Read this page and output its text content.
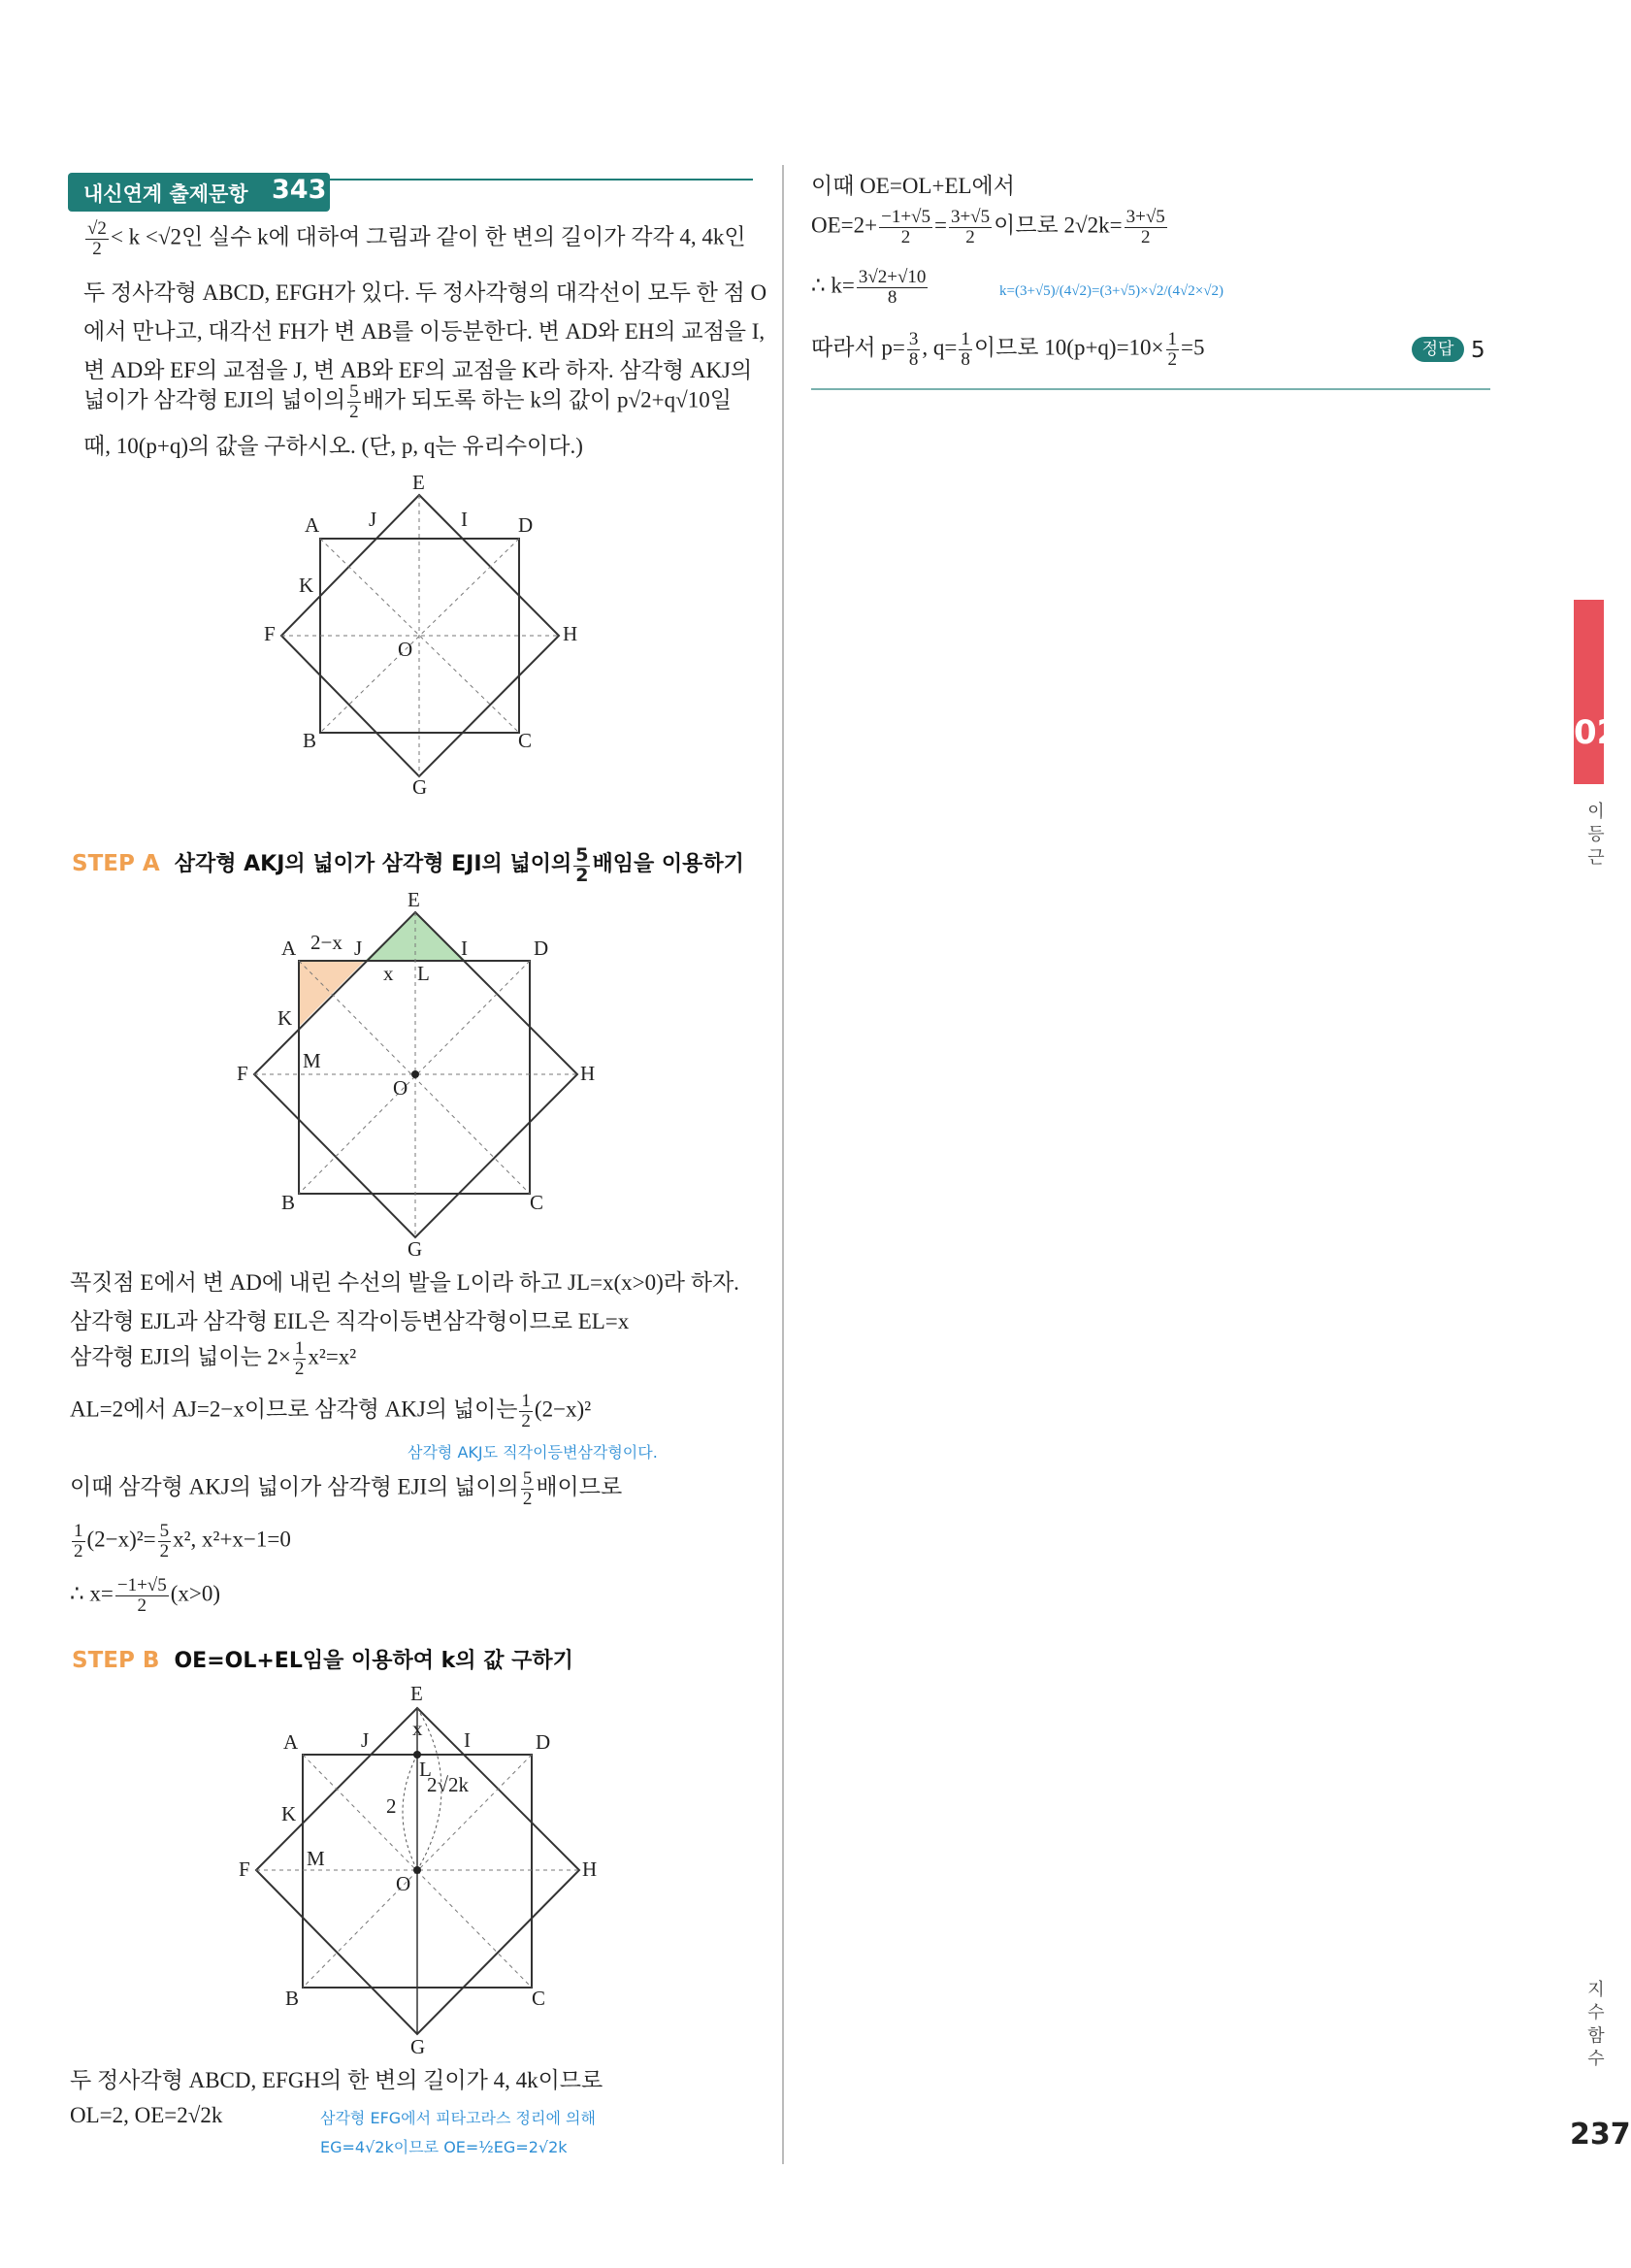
내신연계 출제문항 343
$\frac{√2}{2} < k <√2$인 실수 k에 대하여 그림과 같이 한 변의 길이가 각각 4, 4k인
두 정사각형 ABCD, EFGH가 있다. 두 정사각형의 대각선이 모두 한 점 O
에서 만나고, 대각선 FH가 변 AB를 이등분한다. 변 AD와 EH의 교점을 I,
변 AD와 EF의 교점을 J, 변 AB와 EF의 교점을 K라 하자. 삼각형 AKJ의
넓이가 삼각형 EJI의 넓이의 $\frac{5}{2}$ 배가 되도록 하는 k의 값이 p√2+q√10일
때, 10(p+q)의 값을 구하시오. (단, p, q는 유리수이다.)
A J
E
I D
K
F
O
H
B	C
G
STEP A 삼각형 AKJ의 넓이가 삼각형 EJI의 넓이의 $\frac{5}{2}$ 배임을 이용하기
A 2−x J
E
I	D
x L
K
M
F
O
H
B	C
G
꼭짓점 E에서 변 AD에 내린 수선의 발을 L이라 하고 JL=x(x>0)라 하자.
삼각형 EJL과 삼각형 EIL은 직각이등변삼각형이므로 EL=x
삼각형 EJI의 넓이는 $2\times \frac{1}{2} x^2=x^2$
AL=2에서 AJ=2−x이므로 삼각형 AKJ의 넓이는 $\frac{1}{2} (2-x)^2$
삼각형 AKJ도 직각이등변삼각형이다.
이때 삼각형 AKJ의 넓이가 삼각형 EJI의 넓이의 $\frac{5}{2}$ 배이므로
$\frac{1}{2} (2-x)^2= \frac{5}{2} x^2$, x²+x−1=0
∴ $x= \frac{-1+√5}{2} (x>0)$
STEP B OE=OL+EL임을 이용하여 k의 값 구하기
A	J
E
x I	D
L
2√2k
2
K
M
F
O
H
B	C
G
두 정사각형 ABCD, EFGH의 한 변의 길이가 4, 4k이므로
OL=2, OE=2√2k	삼각형 EFG에서 피타고라스 정리에 의해
EG=4√2k이므로 OE=½EG=2√2k
이때 OE=OL+EL에서
$OE=2+ \frac{-1+√5}{2} = \frac{3+√5}{2}$ 이므로 $2√2k= \frac{3+√5}{2}$
∴ $k= \frac{3√2+√10}{8}$	k=(3+√5)/(4√2)=(3+√5)×√2/(4√2×√2)
따라서 $p= \frac{3}{8}$ , $q= \frac{1}{8}$ 이므로 $10(p+q)=10\times \frac{1}{2} =5$	정답 5
02
이 등 근
지 수 함 수
237
